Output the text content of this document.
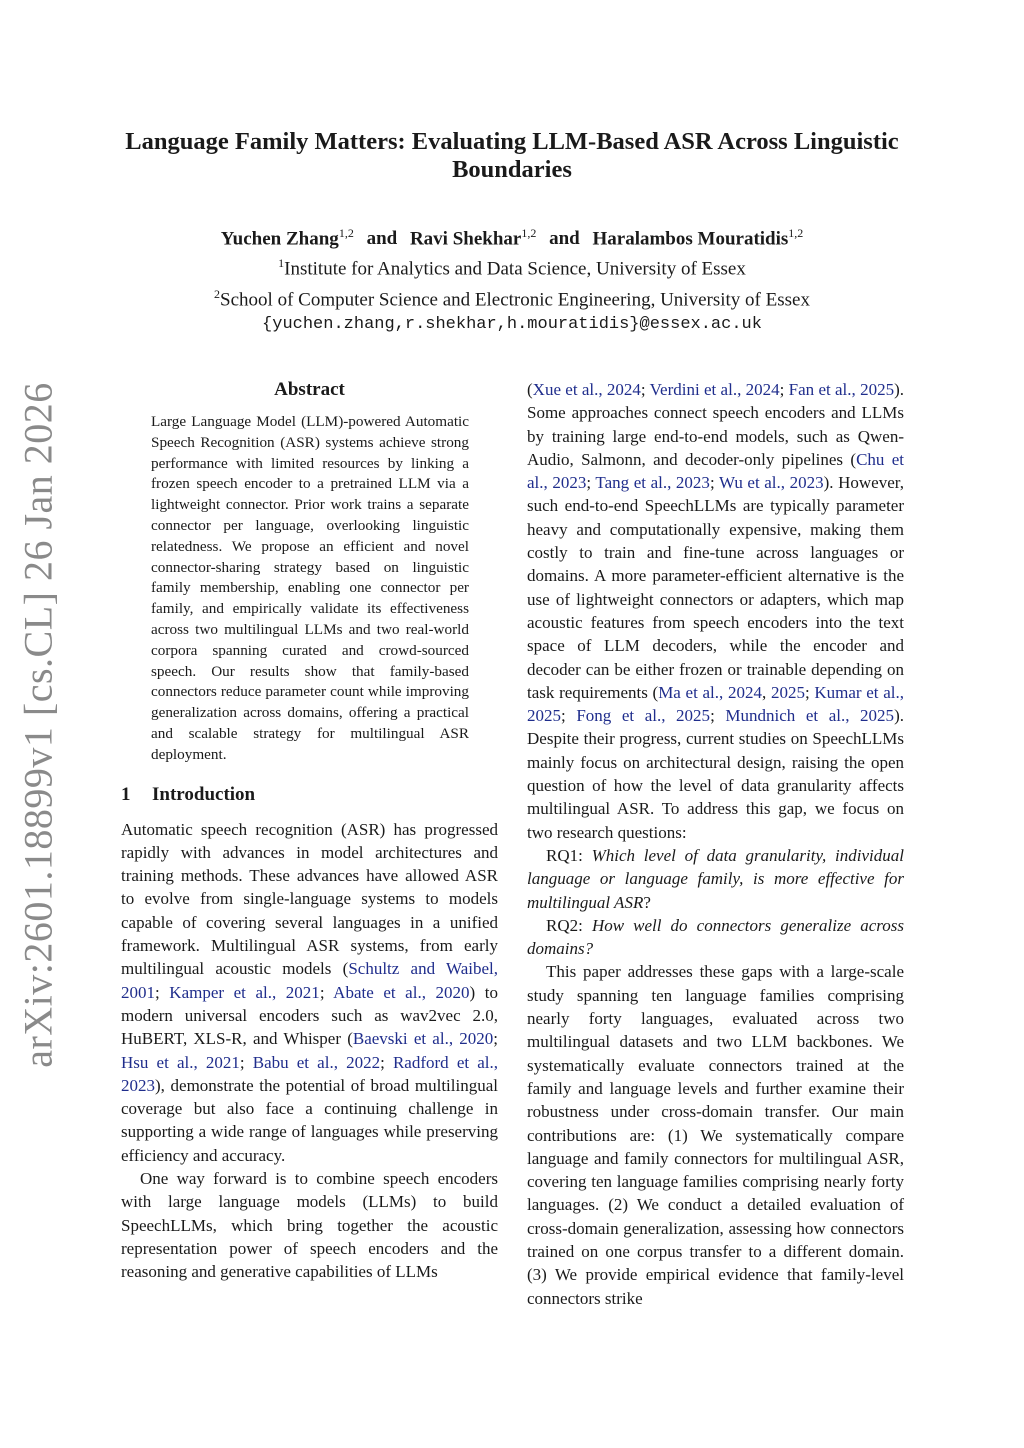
arXiv:2601.18899v1 [cs.CL] 26 Jan 2026
Language Family Matters: Evaluating LLM-Based ASR Across Linguistic Boundaries
Yuchen Zhang$^{1,2}$ and Ravi Shekhar$^{1,2}$ and Haralambos Mouratidis$^{1,2}$
$^1$Institute for Analytics and Data Science, University of Essex
$^2$School of Computer Science and Electronic Engineering, University of Essex
{yuchen.zhang,r.shekhar,h.mouratidis}@essex.ac.uk
Abstract

Large Language Model (LLM)-powered Automatic Speech Recognition (ASR) systems achieve strong performance with limited resources by linking a frozen speech encoder to a pretrained LLM via a lightweight connector. Prior work trains a separate connector per language, overlooking linguistic relatedness. We propose an efficient and novel connector-sharing strategy based on linguistic family membership, enabling one connector per family, and empirically validate its effectiveness across two multilingual LLMs and two real-world corpora spanning curated and crowd-sourced speech. Our results show that family-based connectors reduce parameter count while improving generalization across domains, offering a practical and scalable strategy for multilingual ASR deployment.

1 Introduction

Automatic speech recognition (ASR) has progressed rapidly with advances in model architectures and training methods. These advances have allowed ASR to evolve from single-language systems to models capable of covering several languages in a unified framework. Multilingual ASR systems, from early multilingual acoustic models (Schultz and Waibel, 2001; Kamper et al., 2021; Abate et al., 2020) to modern universal encoders such as wav2vec 2.0, HuBERT, XLS-R, and Whisper (Baevski et al., 2020; Hsu et al., 2021; Babu et al., 2022; Radford et al., 2023), demonstrate the potential of broad multilingual coverage but also face a continuing challenge in supporting a wide range of languages while preserving efficiency and accuracy.

One way forward is to combine speech encoders with large language models (LLMs) to build SpeechLLMs, which bring together the acoustic representation power of speech encoders and the reasoning and generative capabilities of LLMs

(Xue et al., 2024; Verdini et al., 2024; Fan et al., 2025). Some approaches connect speech encoders and LLMs by training large end-to-end models, such as Qwen-Audio, Salmonn, and decoder-only pipelines (Chu et al., 2023; Tang et al., 2023; Wu et al., 2023). However, such end-to-end SpeechLLMs are typically parameter heavy and computationally expensive, making them costly to train and fine-tune across languages or domains. A more parameter-efficient alternative is the use of lightweight connectors or adapters, which map acoustic features from speech encoders into the text space of LLM decoders, while the encoder and decoder can be either frozen or trainable depending on task requirements (Ma et al., 2024, 2025; Kumar et al., 2025; Fong et al., 2025; Mundnich et al., 2025). Despite their progress, current studies on SpeechLLMs mainly focus on architectural design, raising the open question of how the level of data granularity affects multilingual ASR. To address this gap, we focus on two research questions:

RQ1: Which level of data granularity, individual language or language family, is more effective for multilingual ASR?

RQ2: How well do connectors generalize across domains?

This paper addresses these gaps with a large-scale study spanning ten language families comprising nearly forty languages, evaluated across two multilingual datasets and two LLM backbones. We systematically evaluate connectors trained at the family and language levels and further examine their robustness under cross-domain transfer. Our main contributions are: (1) We systematically compare language and family connectors for multilingual ASR, covering ten language families comprising nearly forty languages. (2) We conduct a detailed evaluation of cross-domain generalization, assessing how connectors trained on one corpus transfer to a different domain. (3) We provide empirical evidence that family-level connectors strike
